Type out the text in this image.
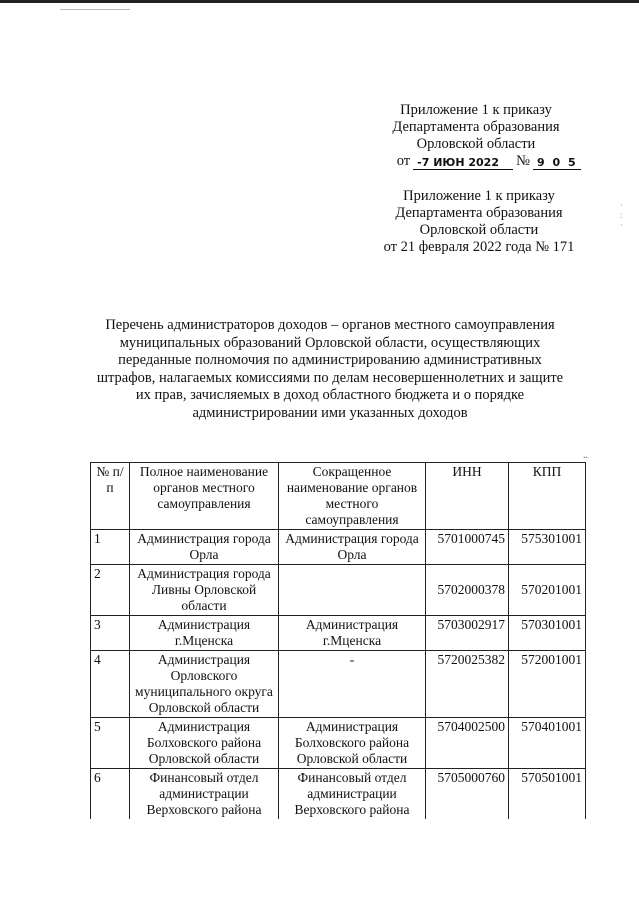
Приложение 1 к приказу
Департамента образования
Орловской области
от -7 ИЮН 2022	№ 9 0 5
Приложение 1 к приказу
Департамента образования
Орловской области
от 21 февраля 2022 года № 171
·
:
·
Перечень администраторов доходов – органов местного самоуправления
муниципальных образований Орловской области, осуществляющих
переданные полномочия по администрированию административных
штрафов, налагаемых комиссиями по делам несовершеннолетних и защите
их прав, зачисляемых в доход областного бюджета и о порядке
администрировании ими указанных доходов
..
№ п/п	Полное наименование органов местного самоуправления	Сокращенное наименование органов местного самоуправления	ИНН	КПП
1	Администрация города Орла	Администрация города Орла	5701000745	575301001
2	Администрация города Ливны Орловской области		5702000378	570201001
3	Администрация г.Мценска	Администрация г.Мценска	5703002917	570301001
4	Администрация Орловского муниципального округа Орловской области	-	5720025382	572001001
5	Администрация Болховского района Орловской области	Администрация Болховского района Орловской области	5704002500	570401001
6	Финансовый отдел администрации Верховского района	Финансовый отдел администрации Верховского района	5705000760	570501001
